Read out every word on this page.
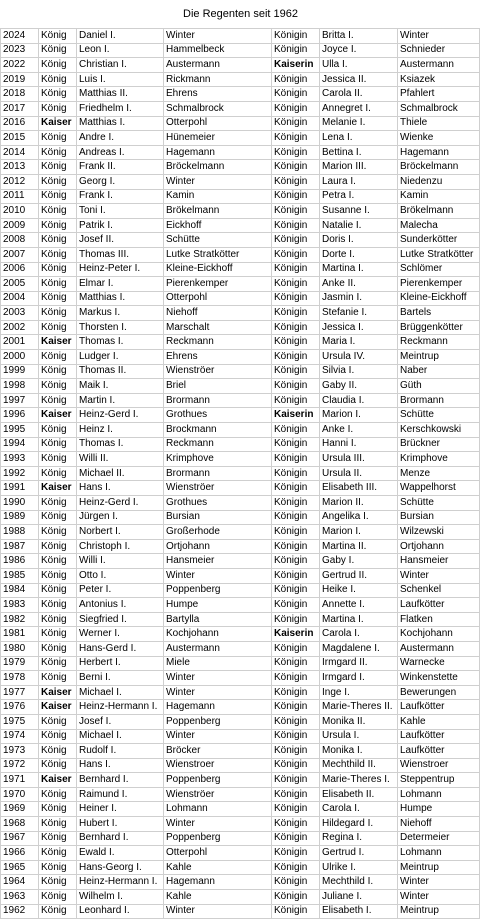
Die Regenten seit 1962
2024	König	Daniel I.	Winter	Königin	Britta I.	Winter
2023	König	Leon I.	Hammelbeck	Königin	Joyce I.	Schnieder
2022	König	Christian I.	Austermann	Kaiserin	Ulla I.	Austermann
2019	König	Luis I.	Rickmann	Königin	Jessica II.	Ksiazek
2018	König	Matthias II.	Ehrens	Königin	Carola II.	Pfahlert
2017	König	Friedhelm I.	Schmalbrock	Königin	Annegret I.	Schmalbrock
2016	Kaiser	Matthias I.	Otterpohl	Königin	Melanie I.	Thiele
2015	König	Andre I.	Hünemeier	Königin	Lena I.	Wienke
2014	König	Andreas I.	Hagemann	Königin	Bettina I.	Hagemann
2013	König	Frank II.	Bröckelmann	Königin	Marion III.	Bröckelmann
2012	König	Georg I.	Winter	Königin	Laura I.	Niedenzu
2011	König	Frank I.	Kamin	Königin	Petra I.	Kamin
2010	König	Toni I.	Brökelmann	Königin	Susanne I.	Brökelmann
2009	König	Patrik I.	Eickhoff	Königin	Natalie I.	Malecha
2008	König	Josef II.	Schütte	Königin	Doris I.	Sunderkötter
2007	König	Thomas III.	Lutke Stratkötter	Königin	Dorte I.	Lutke Stratkötter
2006	König	Heinz-Peter I.	Kleine-Eickhoff	Königin	Martina I.	Schlömer
2005	König	Elmar I.	Pierenkemper	Königin	Anke II.	Pierenkemper
2004	König	Matthias I.	Otterpohl	Königin	Jasmin I.	Kleine-Eickhoff
2003	König	Markus I.	Niehoff	Königin	Stefanie I.	Bartels
2002	König	Thorsten I.	Marschalt	Königin	Jessica I.	Brüggenkötter
2001	Kaiser	Thomas I.	Reckmann	Königin	Maria I.	Reckmann
2000	König	Ludger I.	Ehrens	Königin	Ursula IV.	Meintrup
1999	König	Thomas II.	Wienströer	Königin	Silvia I.	Naber
1998	König	Maik I.	Briel	Königin	Gaby II.	Güth
1997	König	Martin I.	Brormann	Königin	Claudia I.	Brormann
1996	Kaiser	Heinz-Gerd I.	Grothues	Kaiserin	Marion I.	Schütte
1995	König	Heinz I.	Brockmann	Königin	Anke I.	Kerschkowski
1994	König	Thomas I.	Reckmann	Königin	Hanni I.	Brückner
1993	König	Willi II.	Krimphove	Königin	Ursula III.	Krimphove
1992	König	Michael II.	Brormann	Königin	Ursula II.	Menze
1991	Kaiser	Hans I.	Wienströer	Königin	Elisabeth III.	Wappelhorst
1990	König	Heinz-Gerd I.	Grothues	Königin	Marion II.	Schütte
1989	König	Jürgen I.	Bursian	Königin	Angelika I.	Bursian
1988	König	Norbert I.	Großerhode	Königin	Marion I.	Wilzewski
1987	König	Christoph I.	Ortjohann	Königin	Martina II.	Ortjohann
1986	König	Willi I.	Hansmeier	Königin	Gaby I.	Hansmeier
1985	König	Otto I.	Winter	Königin	Gertrud II.	Winter
1984	König	Peter I.	Poppenberg	Königin	Heike I.	Schenkel
1983	König	Antonius I.	Humpe	Königin	Annette I.	Laufkötter
1982	König	Siegfried I.	Bartylla	Königin	Martina I.	Flatken
1981	König	Werner I.	Kochjohann	Kaiserin	Carola I.	Kochjohann
1980	König	Hans-Gerd I.	Austermann	Königin	Magdalene I.	Austermann
1979	König	Herbert I.	Miele	Königin	Irmgard II.	Warnecke
1978	König	Berni I.	Winter	Königin	Irmgard I.	Winkenstette
1977	Kaiser	Michael I.	Winter	Königin	Inge I.	Bewerungen
1976	Kaiser	Heinz-Hermann I.	Hagemann	Königin	Marie-Theres II.	Laufkötter
1975	König	Josef I.	Poppenberg	Königin	Monika II.	Kahle
1974	König	Michael I.	Winter	Königin	Ursula I.	Laufkötter
1973	König	Rudolf I.	Bröcker	Königin	Monika I.	Laufkötter
1972	König	Hans I.	Wienstroer	Königin	Mechthild II.	Wienstroer
1971	Kaiser	Bernhard I.	Poppenberg	Königin	Marie-Theres I.	Steppentrup
1970	König	Raimund I.	Wienströer	Königin	Elisabeth II.	Lohmann
1969	König	Heiner I.	Lohmann	Königin	Carola I.	Humpe
1968	König	Hubert I.	Winter	Königin	Hildegard I.	Niehoff
1967	König	Bernhard I.	Poppenberg	Königin	Regina I.	Determeier
1966	König	Ewald I.	Otterpohl	Königin	Gertrud I.	Lohmann
1965	König	Hans-Georg I.	Kahle	Königin	Ulrike I.	Meintrup
1964	König	Heinz-Hermann I.	Hagemann	Königin	Mechthild I.	Winter
1963	König	Wilhelm I.	Kahle	Königin	Juliane I.	Winter
1962	König	Leonhard I.	Winter	Königin	Elisabeth I.	Meintrup
